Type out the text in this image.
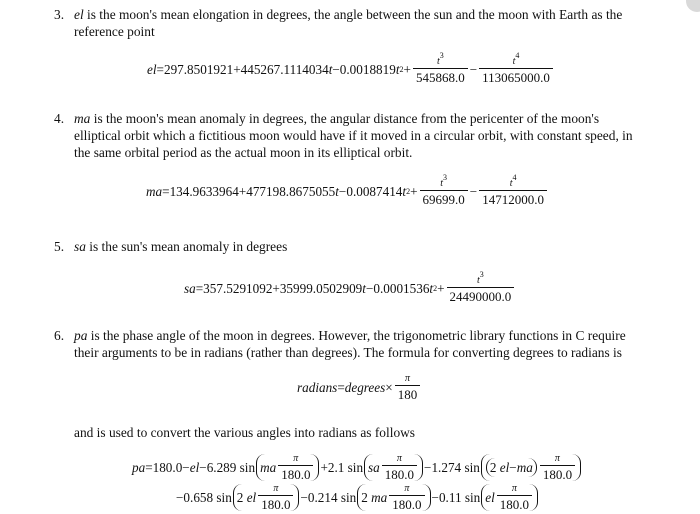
3. el is the moon's mean elongation in degrees, the angle between the sun and the moon with Earth as the reference point
el = 297.8501921 +445267.1114034 t −0.0018819 t $2 + \frac{t^3}{545868.0} - \frac{t^4}{113065000.0}$
4. ma is the moon's mean anomaly in degrees, the angular distance from the pericenter of the moon's elliptical orbit which a fictitious moon would have if it moved in a circular orbit, with constant speed, in the same orbital period as the actual moon in its elliptical orbit.
ma = 134.9633964 +477198.8675055 t −0.0087414 t $2 + \frac{t^3}{69699.0} - \frac{t^4}{14712000.0}$
5. sa is the sun's mean anomaly in degrees
sa = 357.5291092 +35999.0502909 t −0.0001536 t $2 + \frac{t^3}{24490000.0}$
6. pa is the phase angle of the moon in degrees. However, the trigonometric library functions in C require their arguments to be in radians (rather than degrees). The formula for converting degrees to radians is
radians = degrees × $\frac{\pi}{180}$
and is used to convert the various angles into radians as follows
pa =180.0− el −6.289
sin ma $\frac{\pi}{180.0} +2.1$
sin sa $\frac{\pi}{180.0} -1.274$
sin 2
el − ma $\frac{\pi}{180.0}$
−0.658
sin 2
el $\frac{\pi}{180.0} -0.214$
sin 2
ma $\frac{\pi}{180.0} -0.11$
sin el $\frac{\pi}{180.0}$
